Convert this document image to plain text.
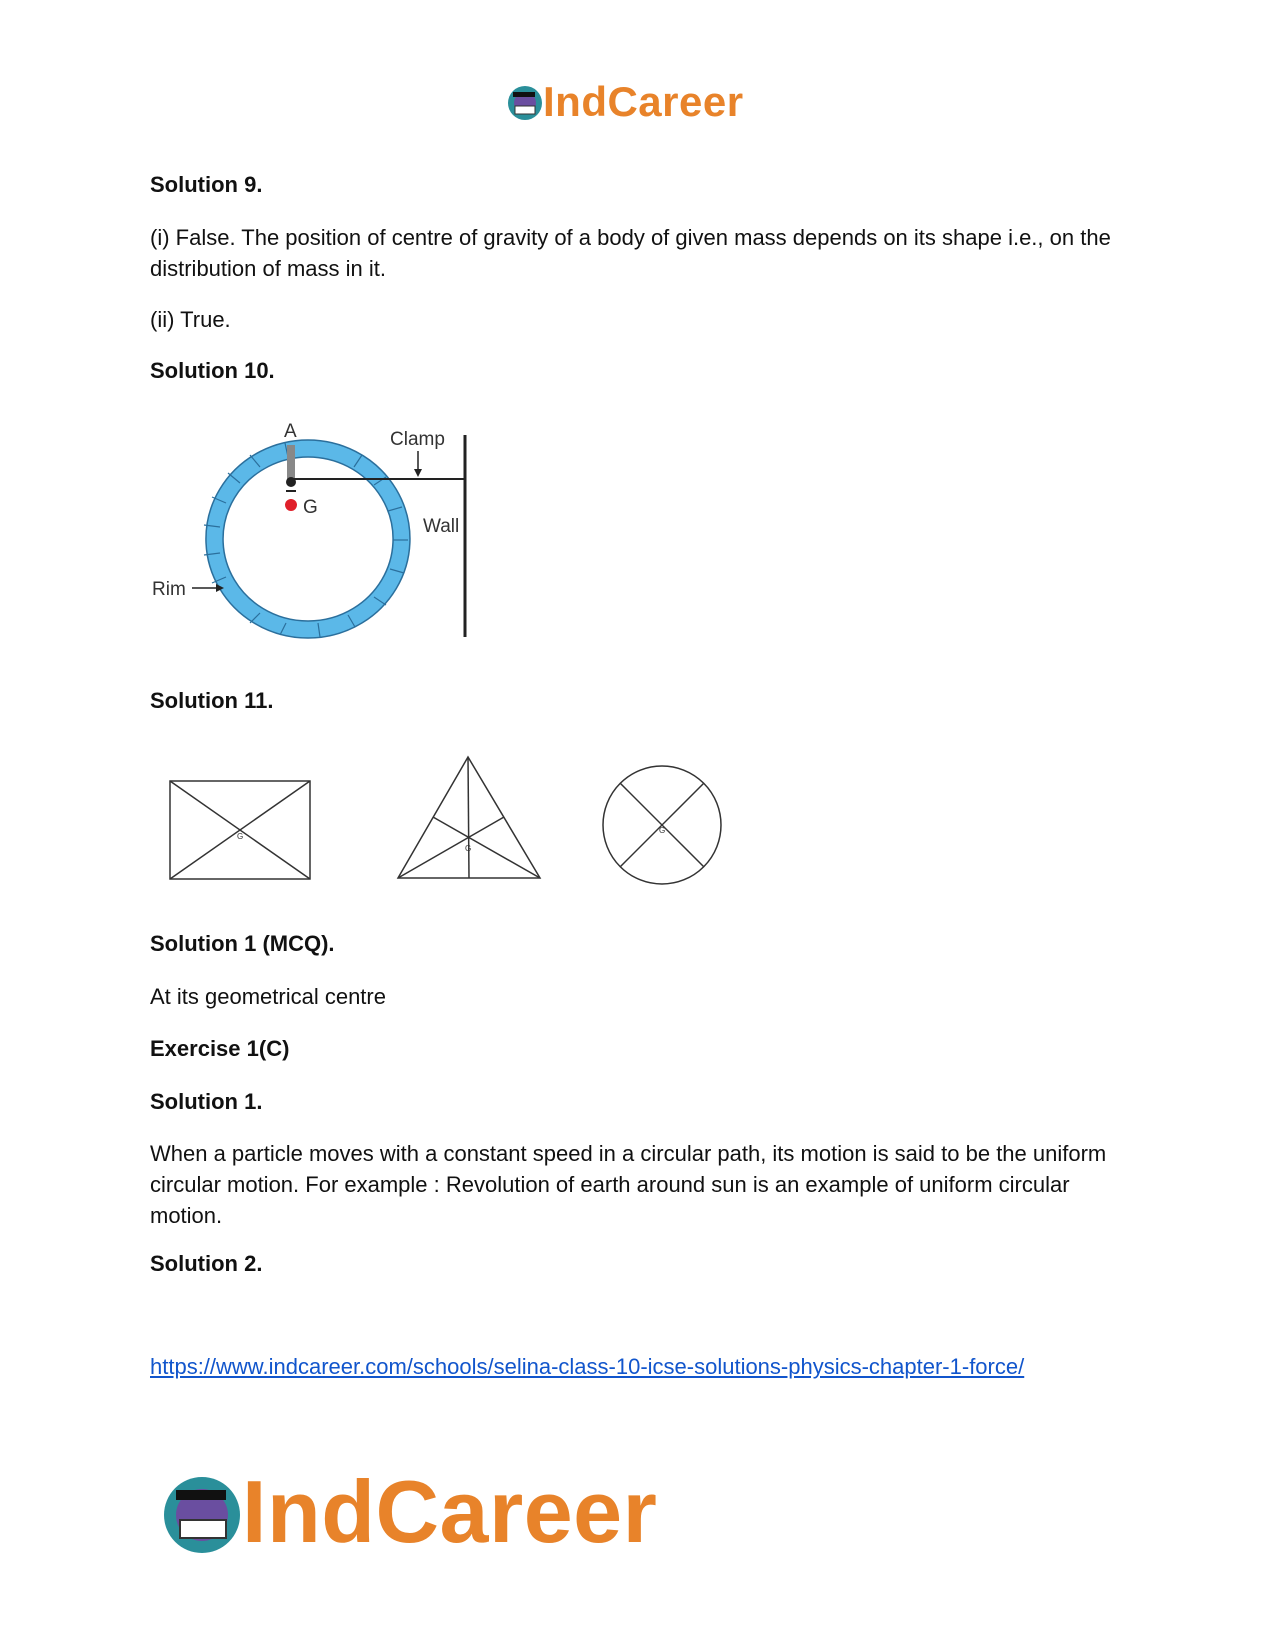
IndCareer
Solution 9.
(i) False. The position of centre of gravity of a body of given mass depends on its shape i.e., on the distribution of mass in it.
(ii) True.
Solution 10.
A	Clamp
G
Wall
Rim
Solution 11.
G
G
G
Solution 1 (MCQ).
At its geometrical centre
Exercise 1(C)
Solution 1.
When a particle moves with a constant speed in a circular path, its motion is said to be the uniform circular motion. For example : Revolution of earth around sun is an example of uniform circular motion.
Solution 2.
https://www.indcareer.com/schools/selina-class-10-icse-solutions-physics-chapter-1-force/
IndCareer
